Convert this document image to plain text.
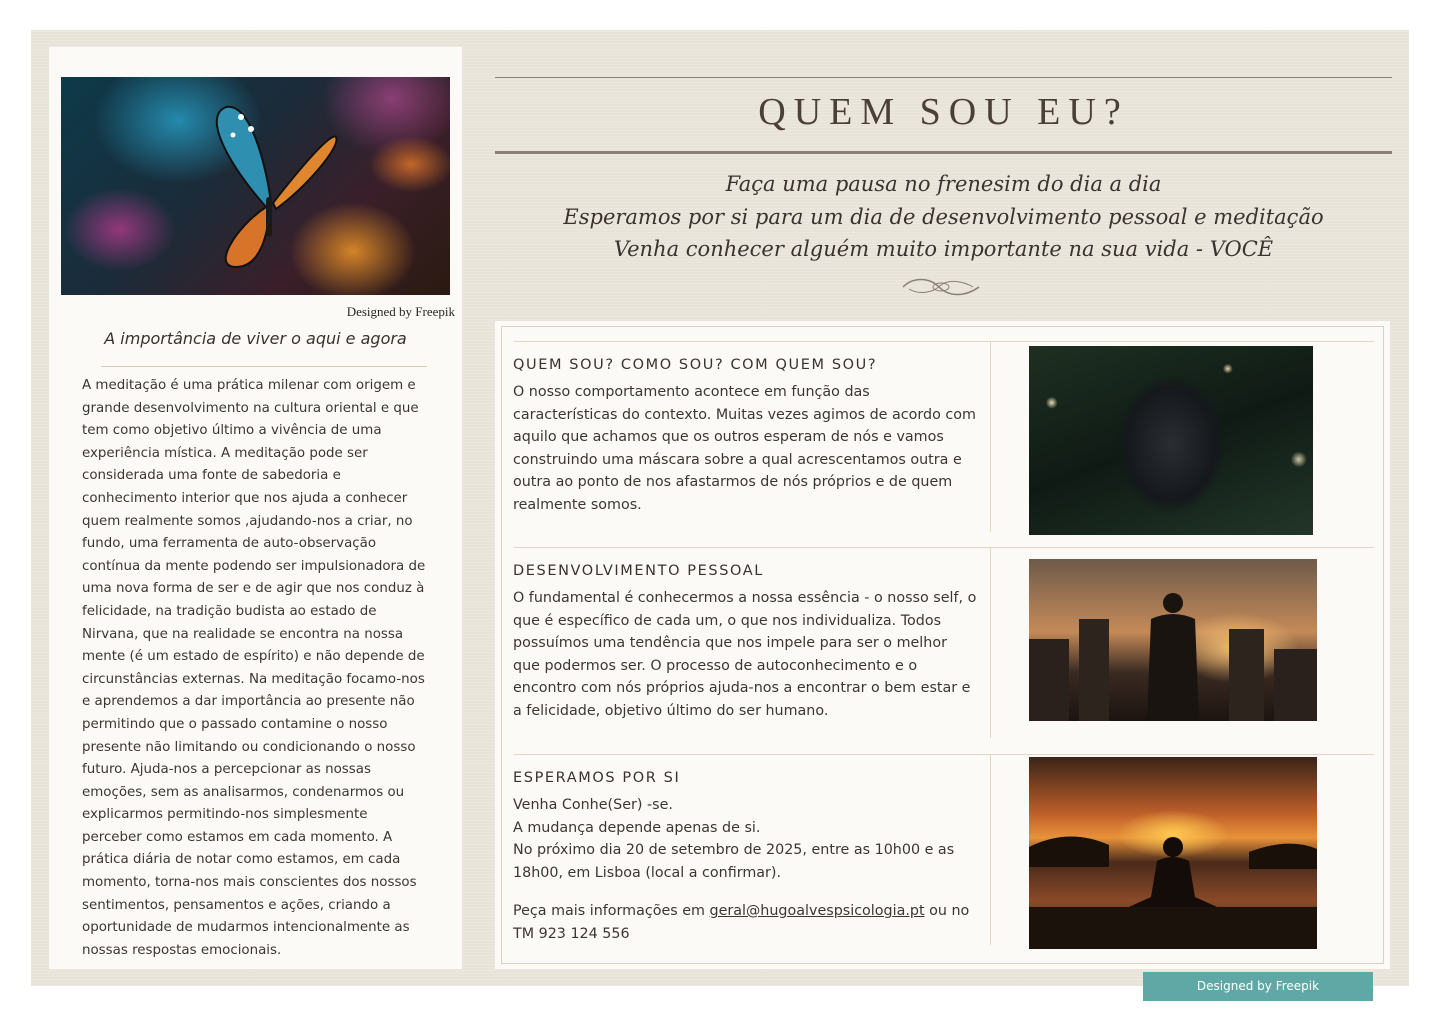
Designed by Freepik
A importância de viver o aqui e agora
A meditação é uma prática milenar com origem e grande desenvolvimento na cultura oriental e que tem como objetivo último a vivência de uma experiência mística. A meditação pode ser considerada uma fonte de sabedoria e conhecimento interior que nos ajuda a conhecer quem realmente somos ,ajudando-nos a criar, no fundo, uma ferramenta de auto-observação contínua da mente podendo ser impulsionadora de uma nova forma de ser e de agir que nos conduz à felicidade, na tradição budista ao estado de Nirvana, que na realidade se encontra na nossa mente (é um estado de espírito) e não depende de circunstâncias externas. Na meditação focamo-nos e aprendemos a dar importância ao presente não permitindo que o passado contamine o nosso presente não limitando ou condicionando o nosso futuro. Ajuda-nos a percepcionar as nossas emoções, sem as analisarmos, condenarmos ou explicarmos permitindo-nos simplesmente perceber como estamos em cada momento. A prática diária de notar como estamos, em cada momento, torna-nos mais conscientes dos nossos sentimentos, pensamentos e ações, criando a oportunidade de mudarmos intencionalmente as nossas respostas emocionais.
QUEM SOU EU?
Faça uma pausa no frenesim do dia a dia
Esperamos por si para um dia de desenvolvimento pessoal e meditação
Venha conhecer alguém muito importante na sua vida - VOCÊ
QUEM SOU? COMO SOU? COM QUEM SOU?
O nosso comportamento acontece em função das características do contexto. Muitas vezes agimos de acordo com aquilo que achamos que os outros esperam de nós e vamos construindo uma máscara sobre a qual acrescentamos outra e outra ao ponto de nos afastarmos de nós próprios e de quem realmente somos.
DESENVOLVIMENTO PESSOAL
O fundamental é conhecermos a nossa essência - o nosso self, o que é específico de cada um, o que nos individualiza. Todos possuímos uma tendência que nos impele para ser o melhor que podermos ser. O processo de autoconhecimento e o encontro com nós próprios ajuda-nos a encontrar o bem estar e a felicidade, objetivo último do ser humano.
ESPERAMOS POR SI

Venha Conhe(Ser) -se.

A mudança depende apenas de si.

No próximo dia 20 de setembro de 2025, entre as 10h00 e as 18h00, em Lisboa (local a confirmar).

Peça mais informações em geral@hugoalvespsicologia.pt ou no TM 923 124 556

Designed by Freepik
